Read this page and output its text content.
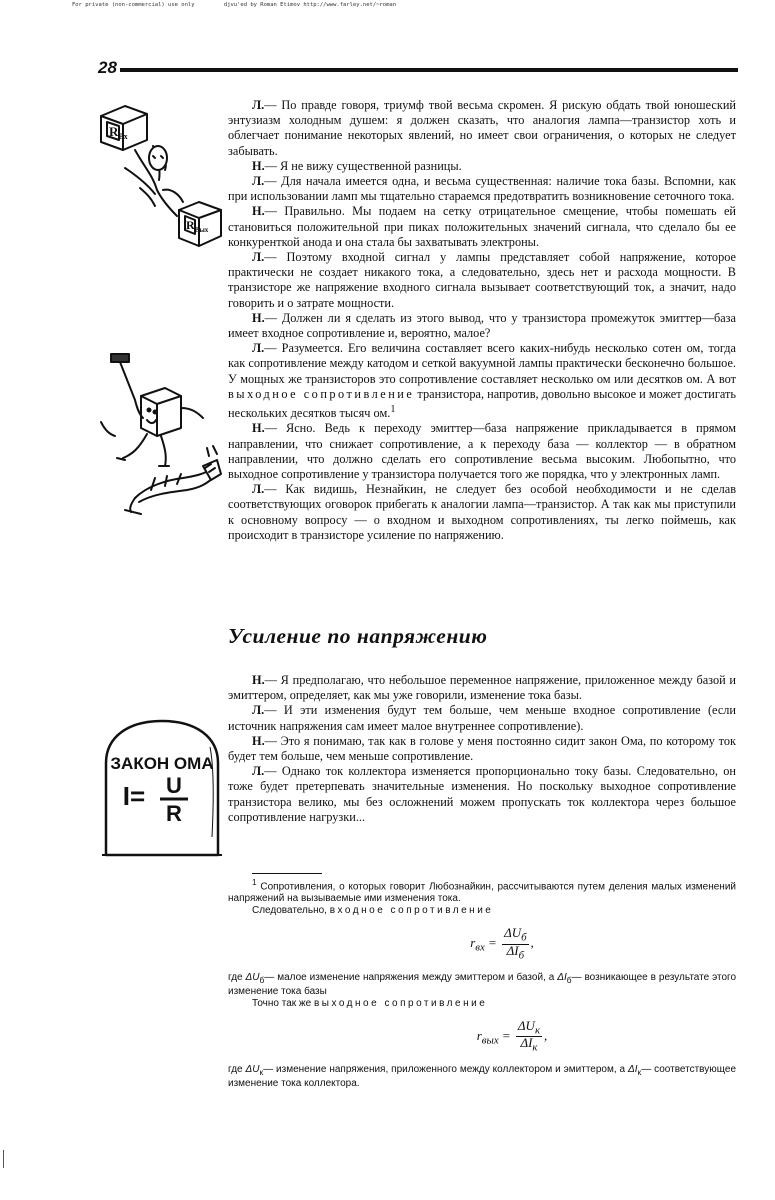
For private (non-commercial) use only	djvu'ed by Roman Etimov http://www.farley.net/~roman
28
$R_{Вх}$
$R_{Вых}$
ЗАКОН ОМА
I= U
R

Л.— По правде говоря, триумф твой весьма скромен. Я рискую обдать твой юношеский энтузиазм холодным душем: я должен сказать, что аналогия лампа—транзистор хоть и облегчает понимание некоторых явлений, но имеет свои ограничения, о которых не следует забывать.

Н.— Я не вижу существенной разницы.

Л.— Для начала имеется одна, и весьма существенная: наличие тока базы. Вспомни, как при использовании ламп мы тщательно стараемся предотвратить возникновение сеточного тока.

Н.— Правильно. Мы подаем на сетку отрицательное смещение, чтобы помешать ей становиться положительной при пиках положительных значений сигнала, что сделало бы ее конкуренткой анода и она стала бы захватывать электроны.

Л.— Поэтому входной сигнал у лампы представляет собой напряжение, которое практически не создает никакого тока, а следовательно, здесь нет и расхода мощности. В транзисторе же напряжение входного сигнала вызывает соответствующий ток, а значит, надо говорить и о затрате мощности.

Н.— Должен ли я сделать из этого вывод, что у транзистора промежуток эмиттер—база имеет входное сопротивление и, вероятно, малое?

Л.— Разумеется. Его величина составляет всего каких-нибудь несколько сотен ом, тогда как сопротивление между катодом и сеткой вакуумной лампы практически бесконечно большое. У мощных же транзисторов это сопротивление составляет несколько ом или десятков ом. А вот выходное сопротивление транзистора, напротив, довольно высокое и может достигать нескольких десятков тысяч ом.$^1$

Н.— Ясно. Ведь к переходу эмиттер—база напряжение прикладывается в прямом направлении, что снижает сопротивление, а к переходу база — коллектор — в обратном направлении, что должно сделать его сопротивление весьма высоким. Любопытно, что выходное сопротивление у транзистора получается того же порядка, что у электронных ламп.

Л.— Как видишь, Незнайкин, не следует без особой необходимости и не сделав соответствующих оговорок прибегать к аналогии лампа—транзистор. А так как мы приступили к основному вопросу — о входном и выходном сопротивлениях, ты легко поймешь, как происходит в транзисторе усиление по напряжению.

Усиление по напряжению

Н.— Я предполагаю, что небольшое переменное напряжение, приложенное между базой и эмиттером, определяет, как мы уже говорили, изменение тока базы.

Л.— И эти изменения будут тем больше, чем меньше входное сопротивление (если источник напряжения сам имеет малое внутреннее сопротивление).

Н.— Это я понимаю, так как в голове у меня постоянно сидит закон Ома, по которому ток будет тем больше, чем меньше сопротивление.

Л.— Однако ток коллектора изменяется пропорционально току базы. Следовательно, он тоже будет претерпевать значительные изменения. Но поскольку выходное сопротивление транзистора велико, мы без осложнений можем пропускать ток коллектора через большое сопротивление нагрузки...

$^1$ Сопротивления, о которых говорит Любознайкин, рассчитываются путем деления малых изменений напряжений на вызываемые ими изменения тока.

Следовательно, входное сопротивление

$r_{вх} = \frac{\Delta U_б}{\Delta I_б}$ ,

где $\Delta U_б—$ малое изменение напряжения между эмиттером и базой, а $\Delta I_б—$ возникающее в результате этого изменение тока базы

Точно так же выходное сопротивление

$r_{вых} = \frac{\Delta U_к}{\Delta I_к}$ ,

где $\Delta U_к—$ изменение напряжения, приложенного между коллектором и эмиттером, а $\Delta I_к—$ соответствующее изменение тока коллектора.
